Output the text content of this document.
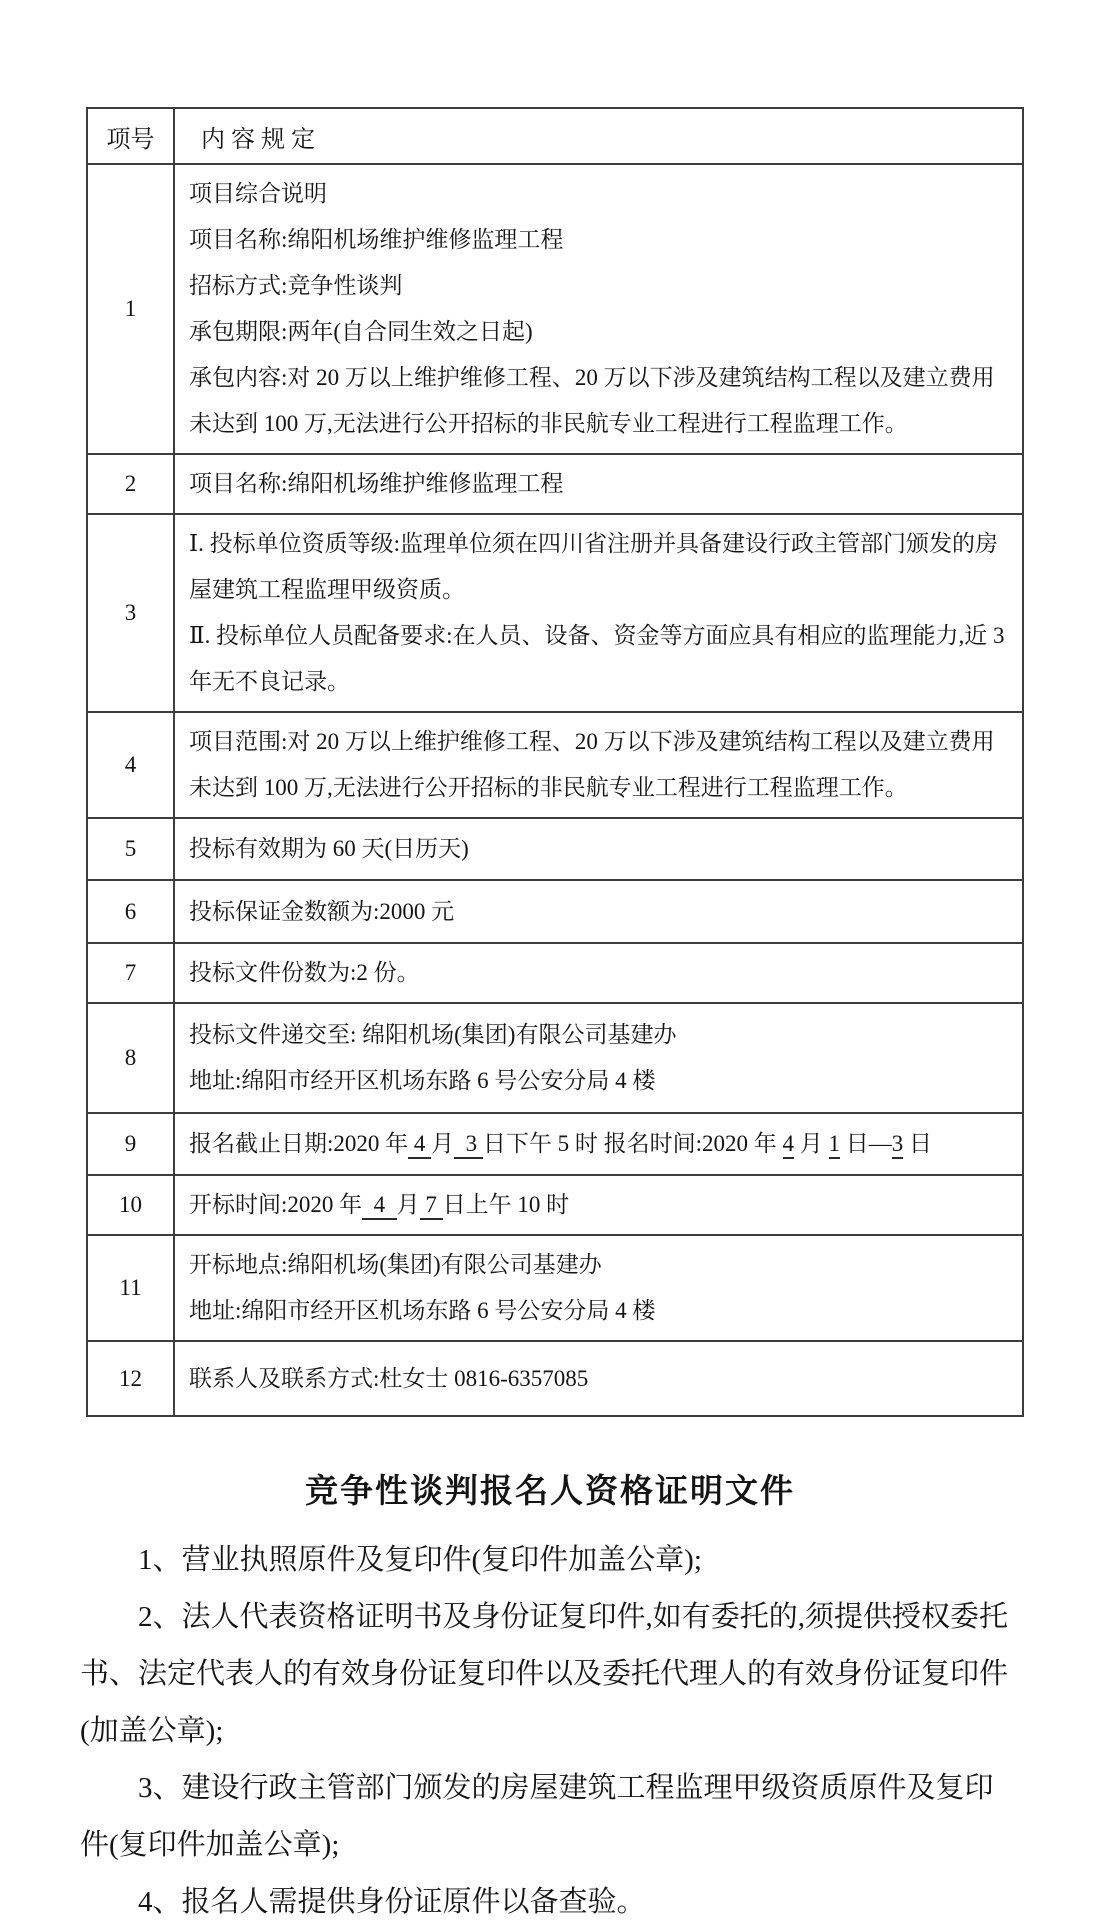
项号	内 容 规 定
1	项目综合说明
项目名称:绵阳机场维护维修监理工程
招标方式:竞争性谈判
承包期限:两年(自合同生效之日起)
承包内容:对 20 万以上维护维修工程、20 万以下涉及建筑结构工程以及建立费用未达到 100 万,无法进行公开招标的非民航专业工程进行工程监理工作。

2	项目名称:绵阳机场维护维修监理工程

3	Ⅰ. 投标单位资质等级:监理单位须在四川省注册并具备建设行政主管部门颁发的房屋建筑工程监理甲级资质。
Ⅱ. 投标单位人员配备要求:在人员、设备、资金等方面应具有相应的监理能力,近 3 年无不良记录。

4	项目范围:对 20 万以上维护维修工程、20 万以下涉及建筑结构工程以及建立费用未达到 100 万,无法进行公开招标的非民航专业工程进行工程监理工作。

5	投标有效期为 60 天(日历天)

6	投标保证金数额为:2000 元

7	投标文件份数为:2 份。

8	投标文件递交至: 绵阳机场(集团)有限公司基建办
地址:绵阳市经开区机场东路 6 号公安分局 4 楼

9	报名截止日期:2020 年 4 月  3 日下午 5 时 报名时间:2020 年 4 月 1 日—3 日

10	开标时间:2020 年  4  月 7 日上午 10 时

11	开标地点:绵阳机场(集团)有限公司基建办
地址:绵阳市经开区机场东路 6 号公安分局 4 楼

12	联系人及联系方式:杜女士 0816-6357085
竞争性谈判报名人资格证明文件

1、营业执照原件及复印件(复印件加盖公章);

2、法人代表资格证明书及身份证复印件,如有委托的,须提供授权委托书、法定代表人的有效身份证复印件以及委托代理人的有效身份证复印件(加盖公章);

3、建设行政主管部门颁发的房屋建筑工程监理甲级资质原件及复印件(复印件加盖公章);

4、报名人需提供身份证原件以备查验。
